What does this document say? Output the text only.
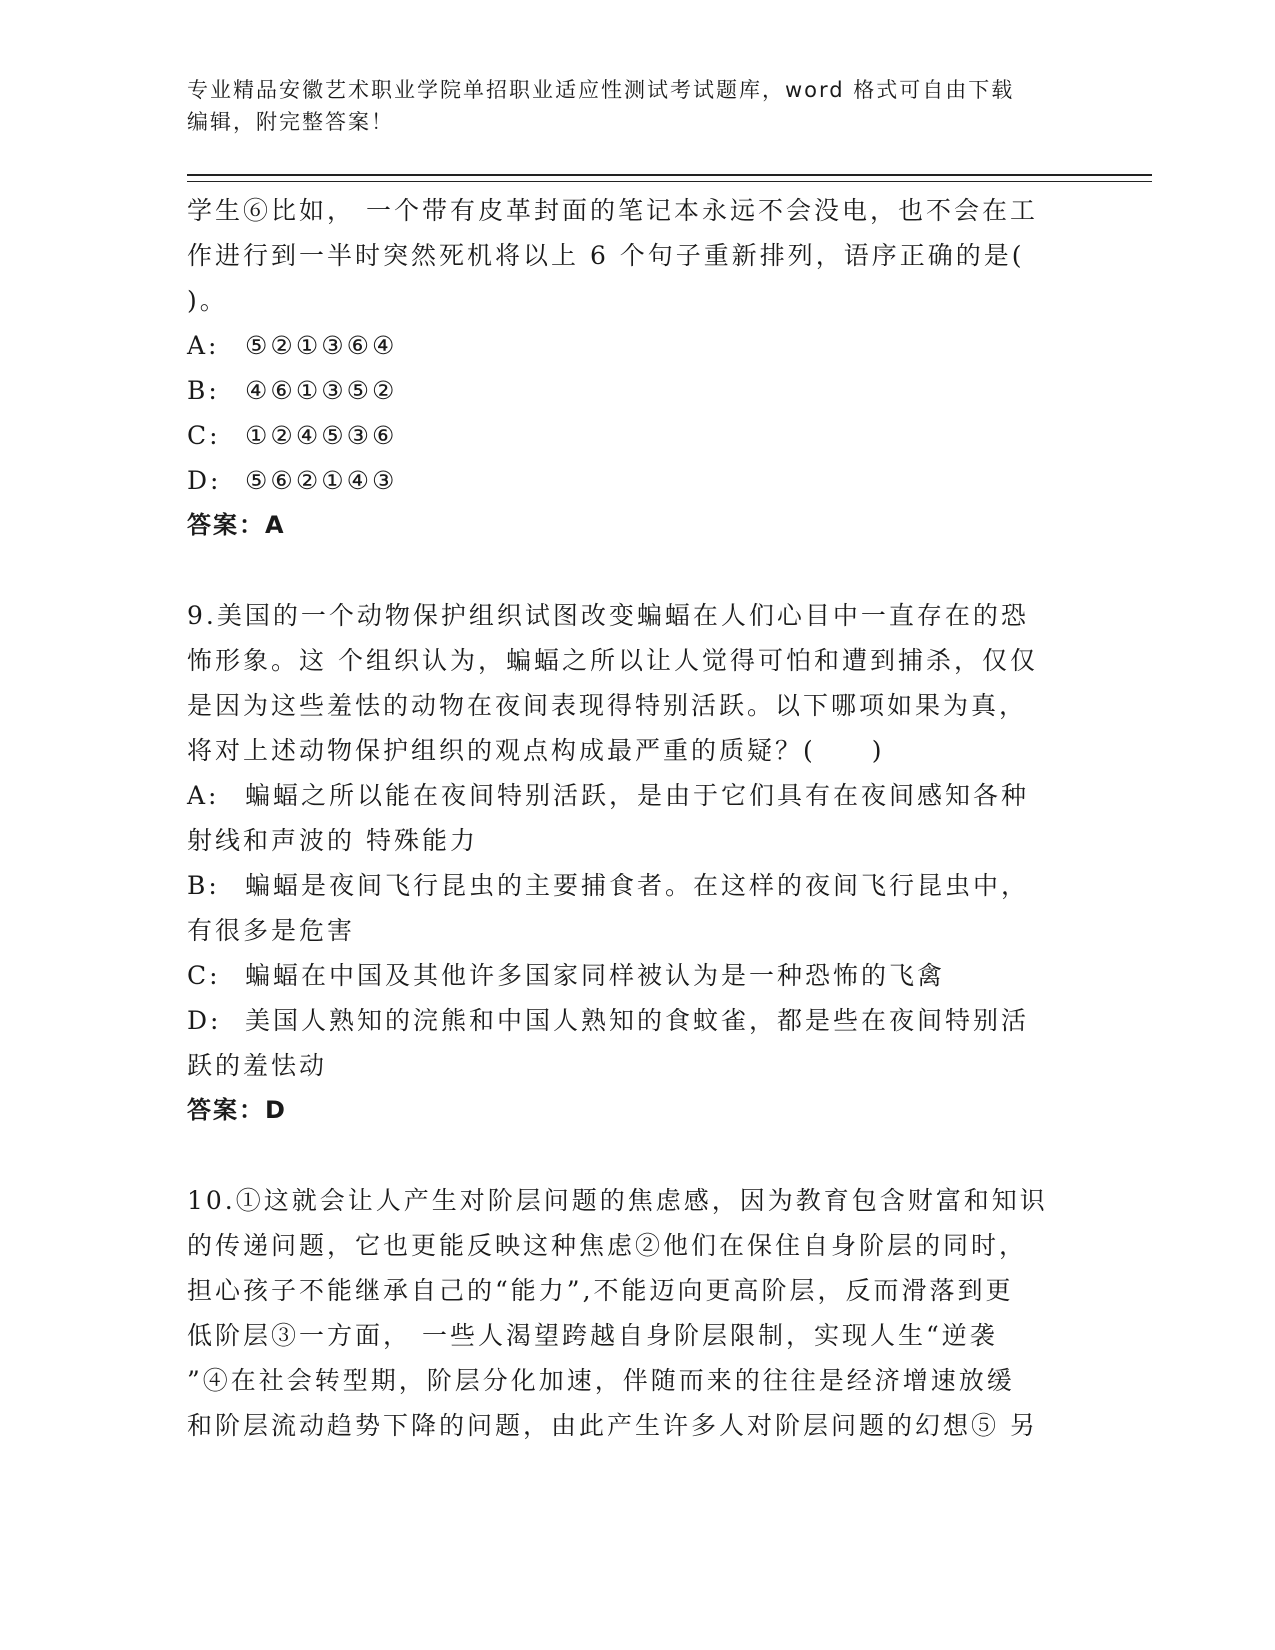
专业精品安徽艺术职业学院单招职业适应性测试考试题库，word 格式可自由下载
编辑，附完整答案！
学生⑥比如， 一个带有皮革封面的笔记本永远不会没电，也不会在工
作进行到一半时突然死机将以上 6 个句子重新排列，语序正确的是(
)。
A: ⑤②①③⑥④
B: ④⑥①③⑤②
C: ①②④⑤③⑥
D: ⑤⑥②①④③
答案：A
9.美国的一个动物保护组织试图改变蝙蝠在人们心目中一直存在的恐
怖形象。这 个组织认为，蝙蝠之所以让人觉得可怕和遭到捕杀，仅仅
是因为这些羞怯的动物在夜间表现得特别活跃。以下哪项如果为真，
将对上述动物保护组织的观点构成最严重的质疑？(　　)
A: 蝙蝠之所以能在夜间特别活跃，是由于它们具有在夜间感知各种
射线和声波的 特殊能力
B: 蝙蝠是夜间飞行昆虫的主要捕食者。在这样的夜间飞行昆虫中，
有很多是危害
C: 蝙蝠在中国及其他许多国家同样被认为是一种恐怖的飞禽
D: 美国人熟知的浣熊和中国人熟知的食蚊雀，都是些在夜间特别活
跃的羞怯动
答案：D
10.①这就会让人产生对阶层问题的焦虑感，因为教育包含财富和知识
的传递问题，它也更能反映这种焦虑②他们在保住自身阶层的同时，
担心孩子不能继承自己的“能力”,不能迈向更高阶层，反而滑落到更
低阶层③一方面， 一些人渴望跨越自身阶层限制，实现人生“逆袭
”④在社会转型期，阶层分化加速，伴随而来的往往是经济增速放缓
和阶层流动趋势下降的问题，由此产生许多人对阶层问题的幻想⑤ 另
